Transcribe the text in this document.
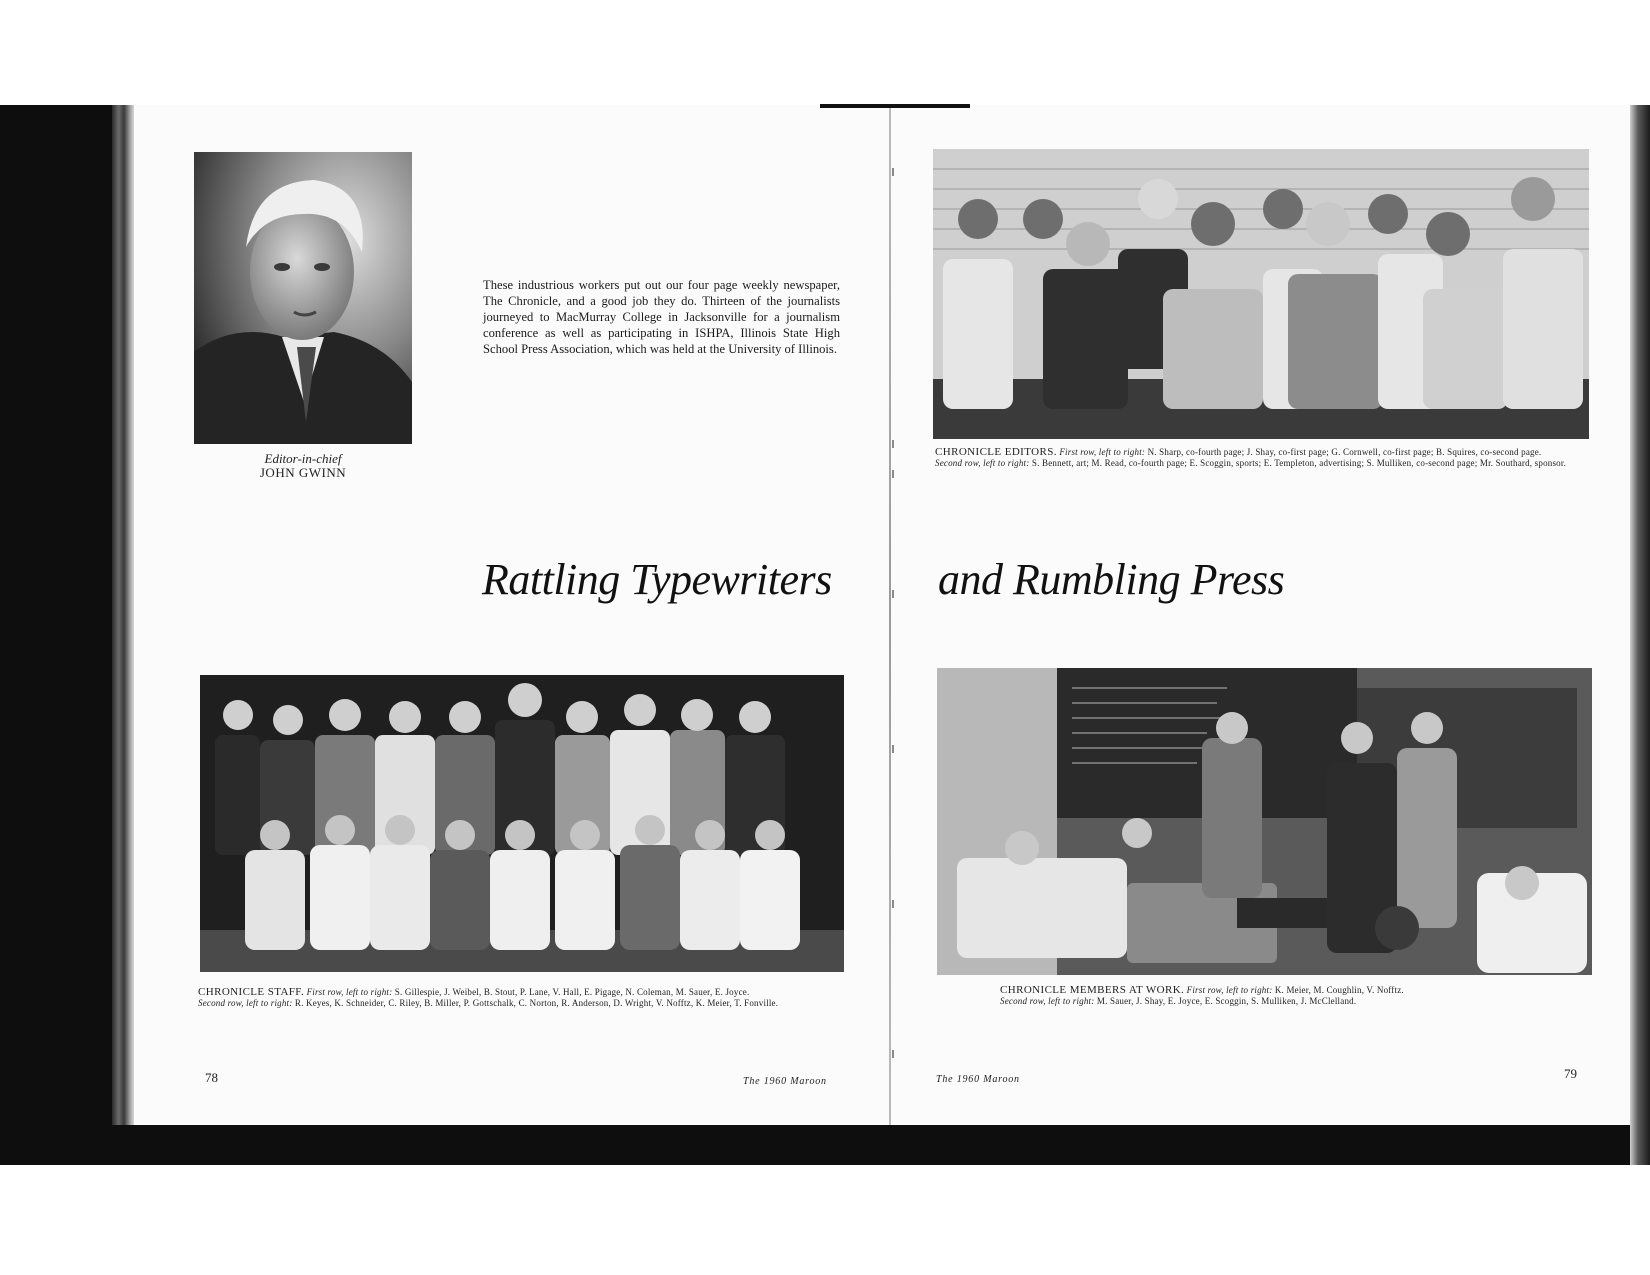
Editor-in-chief
JOHN GWINN
These industrious workers put out our four page weekly newspaper, The Chronicle, and a good job they do. Thirteen of the journalists journeyed to MacMurray College in Jacksonville for a journalism conference as well as participating in ISHPA, Illinois State High School Press Association, which was held at the University of Illinois.
CHRONICLE EDITORS. First row, left to right: N. Sharp, co-fourth page; J. Shay, co-first page; G. Cornwell, co-first page; B. Squires, co-second page.
Second row, left to right: S. Bennett, art; M. Read, co-fourth page; E. Scoggin, sports; E. Templeton, advertising; S. Mulliken, co-second page; Mr. Southard, sponsor.
Rattling Typewriters and Rumbling Press
CHRONICLE STAFF. First row, left to right: S. Gillespie, J. Weibel, B. Stout, P. Lane, V. Hall, E. Pigage, N. Coleman, M. Sauer, E. Joyce.
Second row, left to right: R. Keyes, K. Schneider, C. Riley, B. Miller, P. Gottschalk, C. Norton, R. Anderson, D. Wright, V. Nofftz, K. Meier, T. Fonville.
CHRONICLE MEMBERS AT WORK. First row, left to right: K. Meier, M. Coughlin, V. Nofftz.
Second row, left to right: M. Sauer, J. Shay, E. Joyce, E. Scoggin, S. Mulliken, J. McClelland.
78	The 1960 Maroon	The 1960 Maroon	79
